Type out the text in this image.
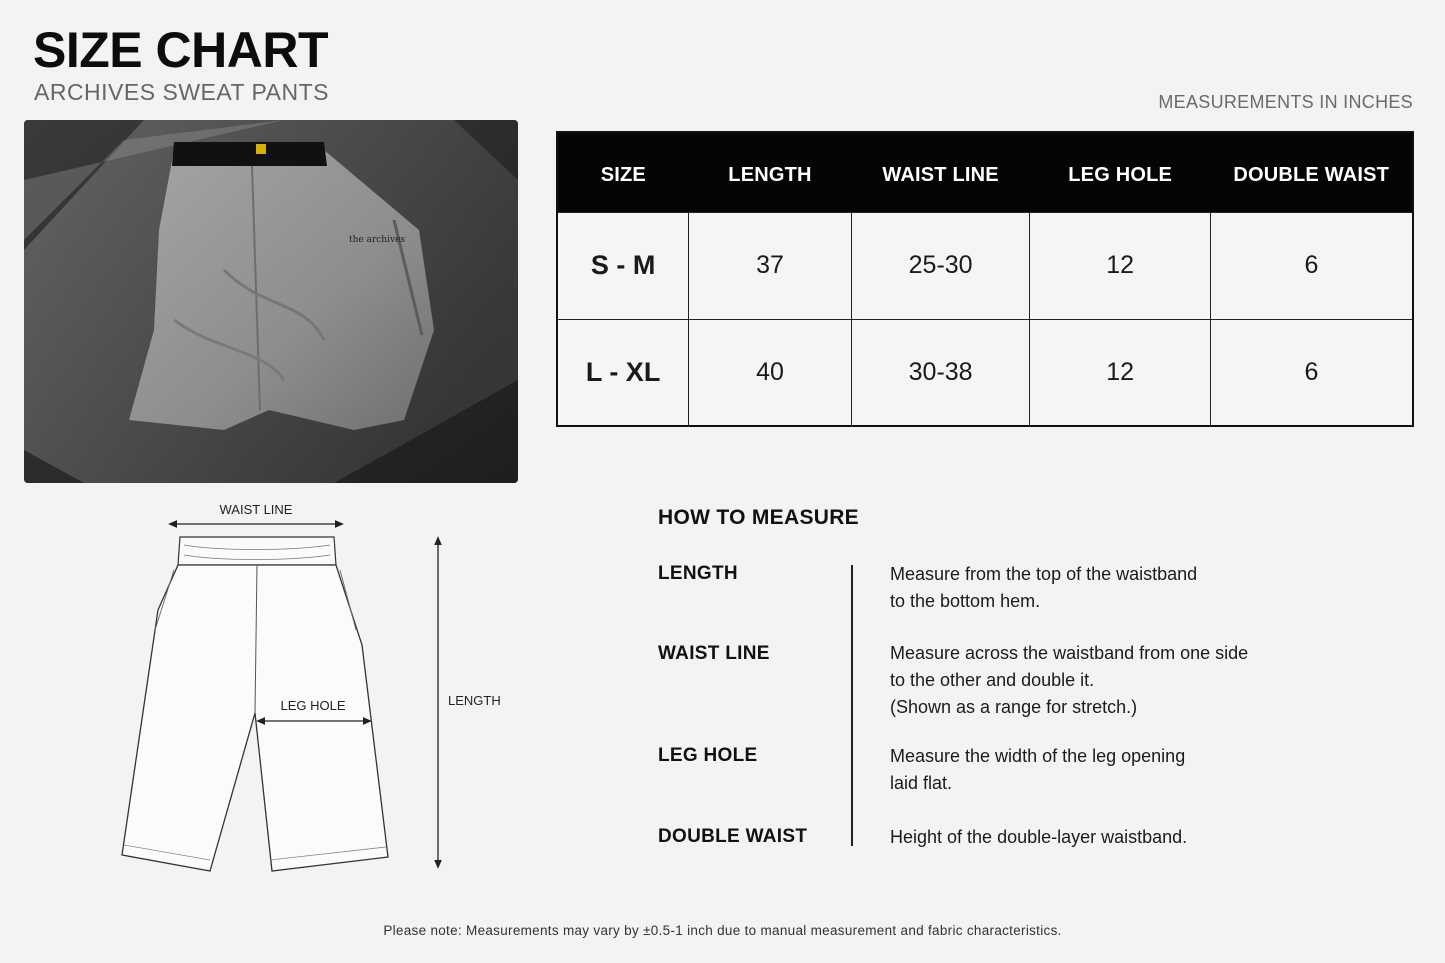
SIZE CHART
ARCHIVES SWEAT PANTS	MEASUREMENTS IN INCHES
the archives
SIZE	LENGTH	WAIST LINE	LEG HOLE	DOUBLE WAIST
S - M	37	25-30	12	6
L - XL	40	30-38	12	6
WAIST LINE
LEG HOLE	LENGTH
HOW TO MEASURE
LENGTH	Measure from the top of the waistband
to the bottom hem.
WAIST LINE	Measure across the waistband from one side
to the other and double it.
(Shown as a range for stretch.)
LEG HOLE	Measure the width of the leg opening
laid flat.
DOUBLE WAIST	Height of the double-layer waistband.
Please note: Measurements may vary by ±0.5-1 inch due to manual measurement and fabric characteristics.
